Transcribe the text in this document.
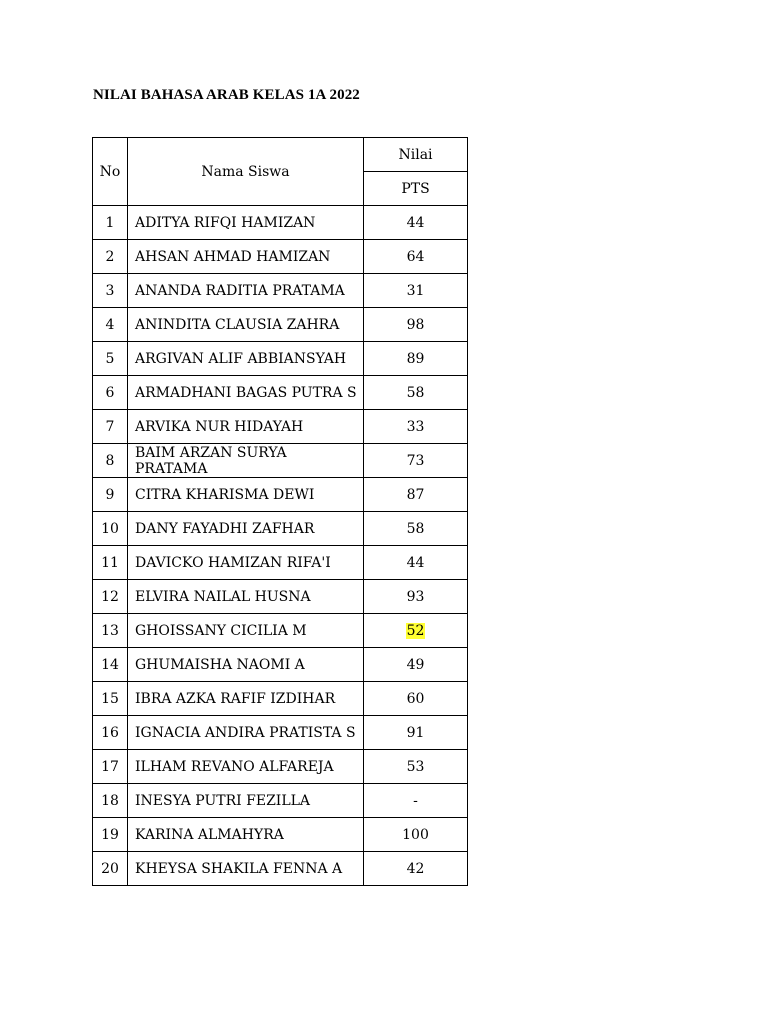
NILAI BAHASA ARAB KELAS 1A 2022
No	Nama Siswa	Nilai
		PTS
1	ADITYA RIFQI HAMIZAN	44
2	AHSAN AHMAD HAMIZAN	64
3	ANANDA RADITIA PRATAMA	31
4	ANINDITA CLAUSIA ZAHRA	98
5	ARGIVAN ALIF ABBIANSYAH	89
6	ARMADHANI BAGAS PUTRA S	58
7	ARVIKA NUR HIDAYAH	33
8	BAIM ARZAN SURYA PRATAMA	73
9	CITRA KHARISMA DEWI	87
10	DANY FAYADHI ZAFHAR	58
11	DAVICKO HAMIZAN RIFA'I	44
12	ELVIRA NAILAL HUSNA	93
13	GHOISSANY CICILIA M	52
14	GHUMAISHA NAOMI A	49
15	IBRA AZKA RAFIF IZDIHAR	60
16	IGNACIA ANDIRA PRATISTA S	91
17	ILHAM REVANO ALFAREJA	53
18	INESYA PUTRI FEZILLA	-
19	KARINA ALMAHYRA	100
20	KHEYSA SHAKILA FENNA A	42
